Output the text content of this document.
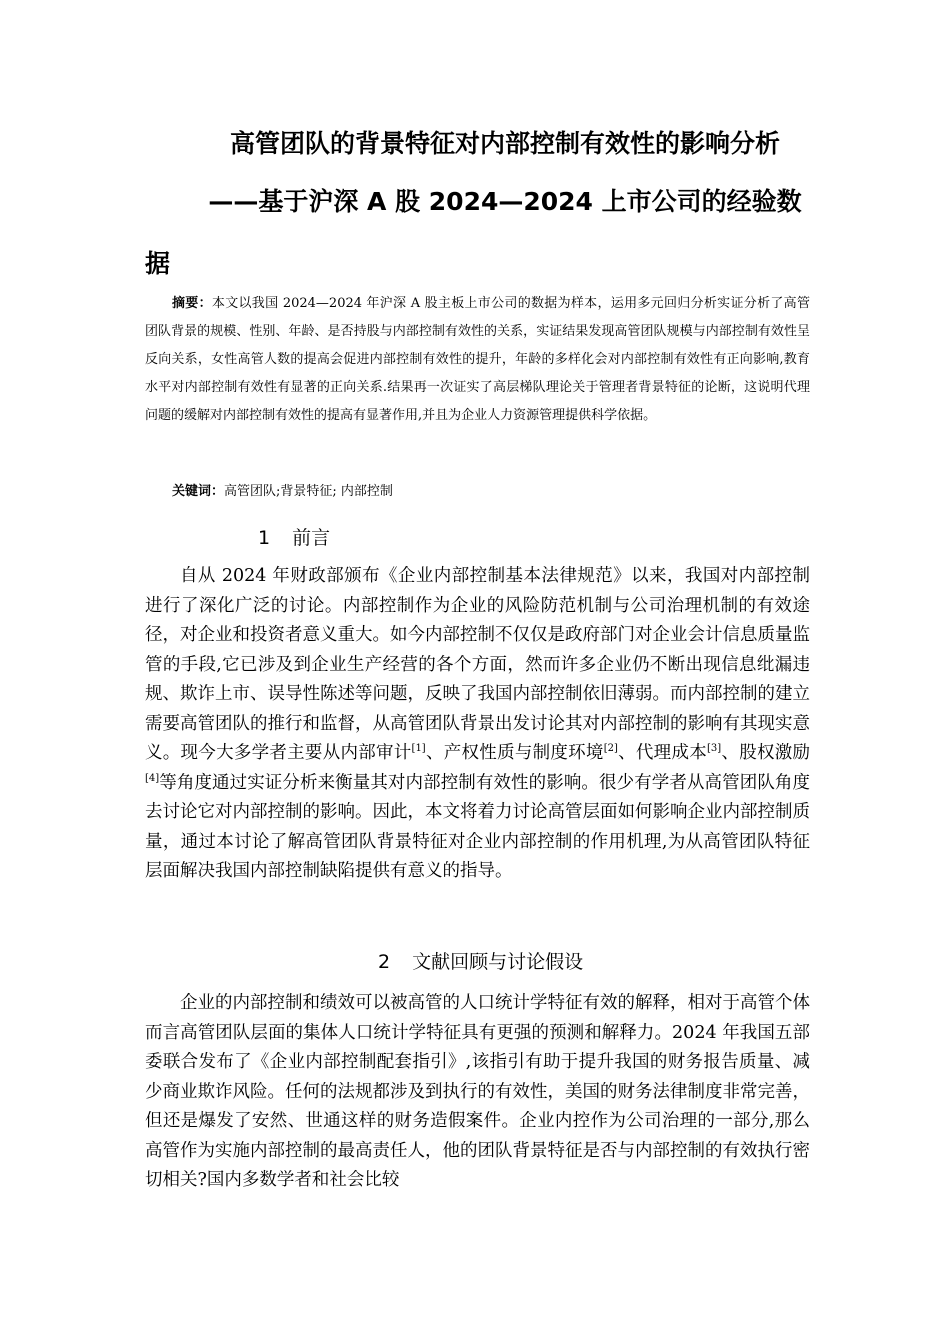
高管团队的背景特征对内部控制有效性的影响分析
——基于沪深 A 股 2024—2024 上市公司的经验数
据
摘要：本文以我国 2024—2024 年沪深 A 股主板上市公司的数据为样本，运用多元回归分析实证分析了高管团队背景的规模、性别、年龄、是否持股与内部控制有效性的关系，实证结果发现高管团队规模与内部控制有效性呈反向关系，女性高管人数的提高会促进内部控制有效性的提升，年龄的多样化会对内部控制有效性有正向影响,教育水平对内部控制有效性有显著的正向关系.结果再一次证实了高层梯队理论关于管理者背景特征的论断，这说明代理问题的缓解对内部控制有效性的提高有显著作用,并且为企业人力资源管理提供科学依据。
关键词：高管团队;背景特征; 内部控制
1 前言
自从 2024 年财政部颁布《企业内部控制基本法律规范》以来，我国对内部控制进行了深化广泛的讨论。内部控制作为企业的风险防范机制与公司治理机制的有效途径，对企业和投资者意义重大。如今内部控制不仅仅是政府部门对企业会计信息质量监管的手段,它已涉及到企业生产经营的各个方面，然而许多企业仍不断出现信息纰漏违规、欺诈上市、误导性陈述等问题，反映了我国内部控制依旧薄弱。而内部控制的建立需要高管团队的推行和监督，从高管团队背景出发讨论其对内部控制的影响有其现实意义。现今大多学者主要从内部审计[1]、产权性质与制度环境[2]、代理成本[3]、股权激励[4]等角度通过实证分析来衡量其对内部控制有效性的影响。很少有学者从高管团队角度去讨论它对内部控制的影响。因此，本文将着力讨论高管层面如何影响企业内部控制质量，通过本讨论了解高管团队背景特征对企业内部控制的作用机理,为从高管团队特征层面解决我国内部控制缺陷提供有意义的指导。
2 文献回顾与讨论假设
企业的内部控制和绩效可以被高管的人口统计学特征有效的解释，相对于高管个体而言高管团队层面的集体人口统计学特征具有更强的预测和解释力。2024 年我国五部委联合发布了《企业内部控制配套指引》,该指引有助于提升我国的财务报告质量、减少商业欺诈风险。任何的法规都涉及到执行的有效性，美国的财务法律制度非常完善，但还是爆发了安然、世通这样的财务造假案件。企业内控作为公司治理的一部分,那么高管作为实施内部控制的最高责任人，他的团队背景特征是否与内部控制的有效执行密切相关?国内多数学者和社会比较
